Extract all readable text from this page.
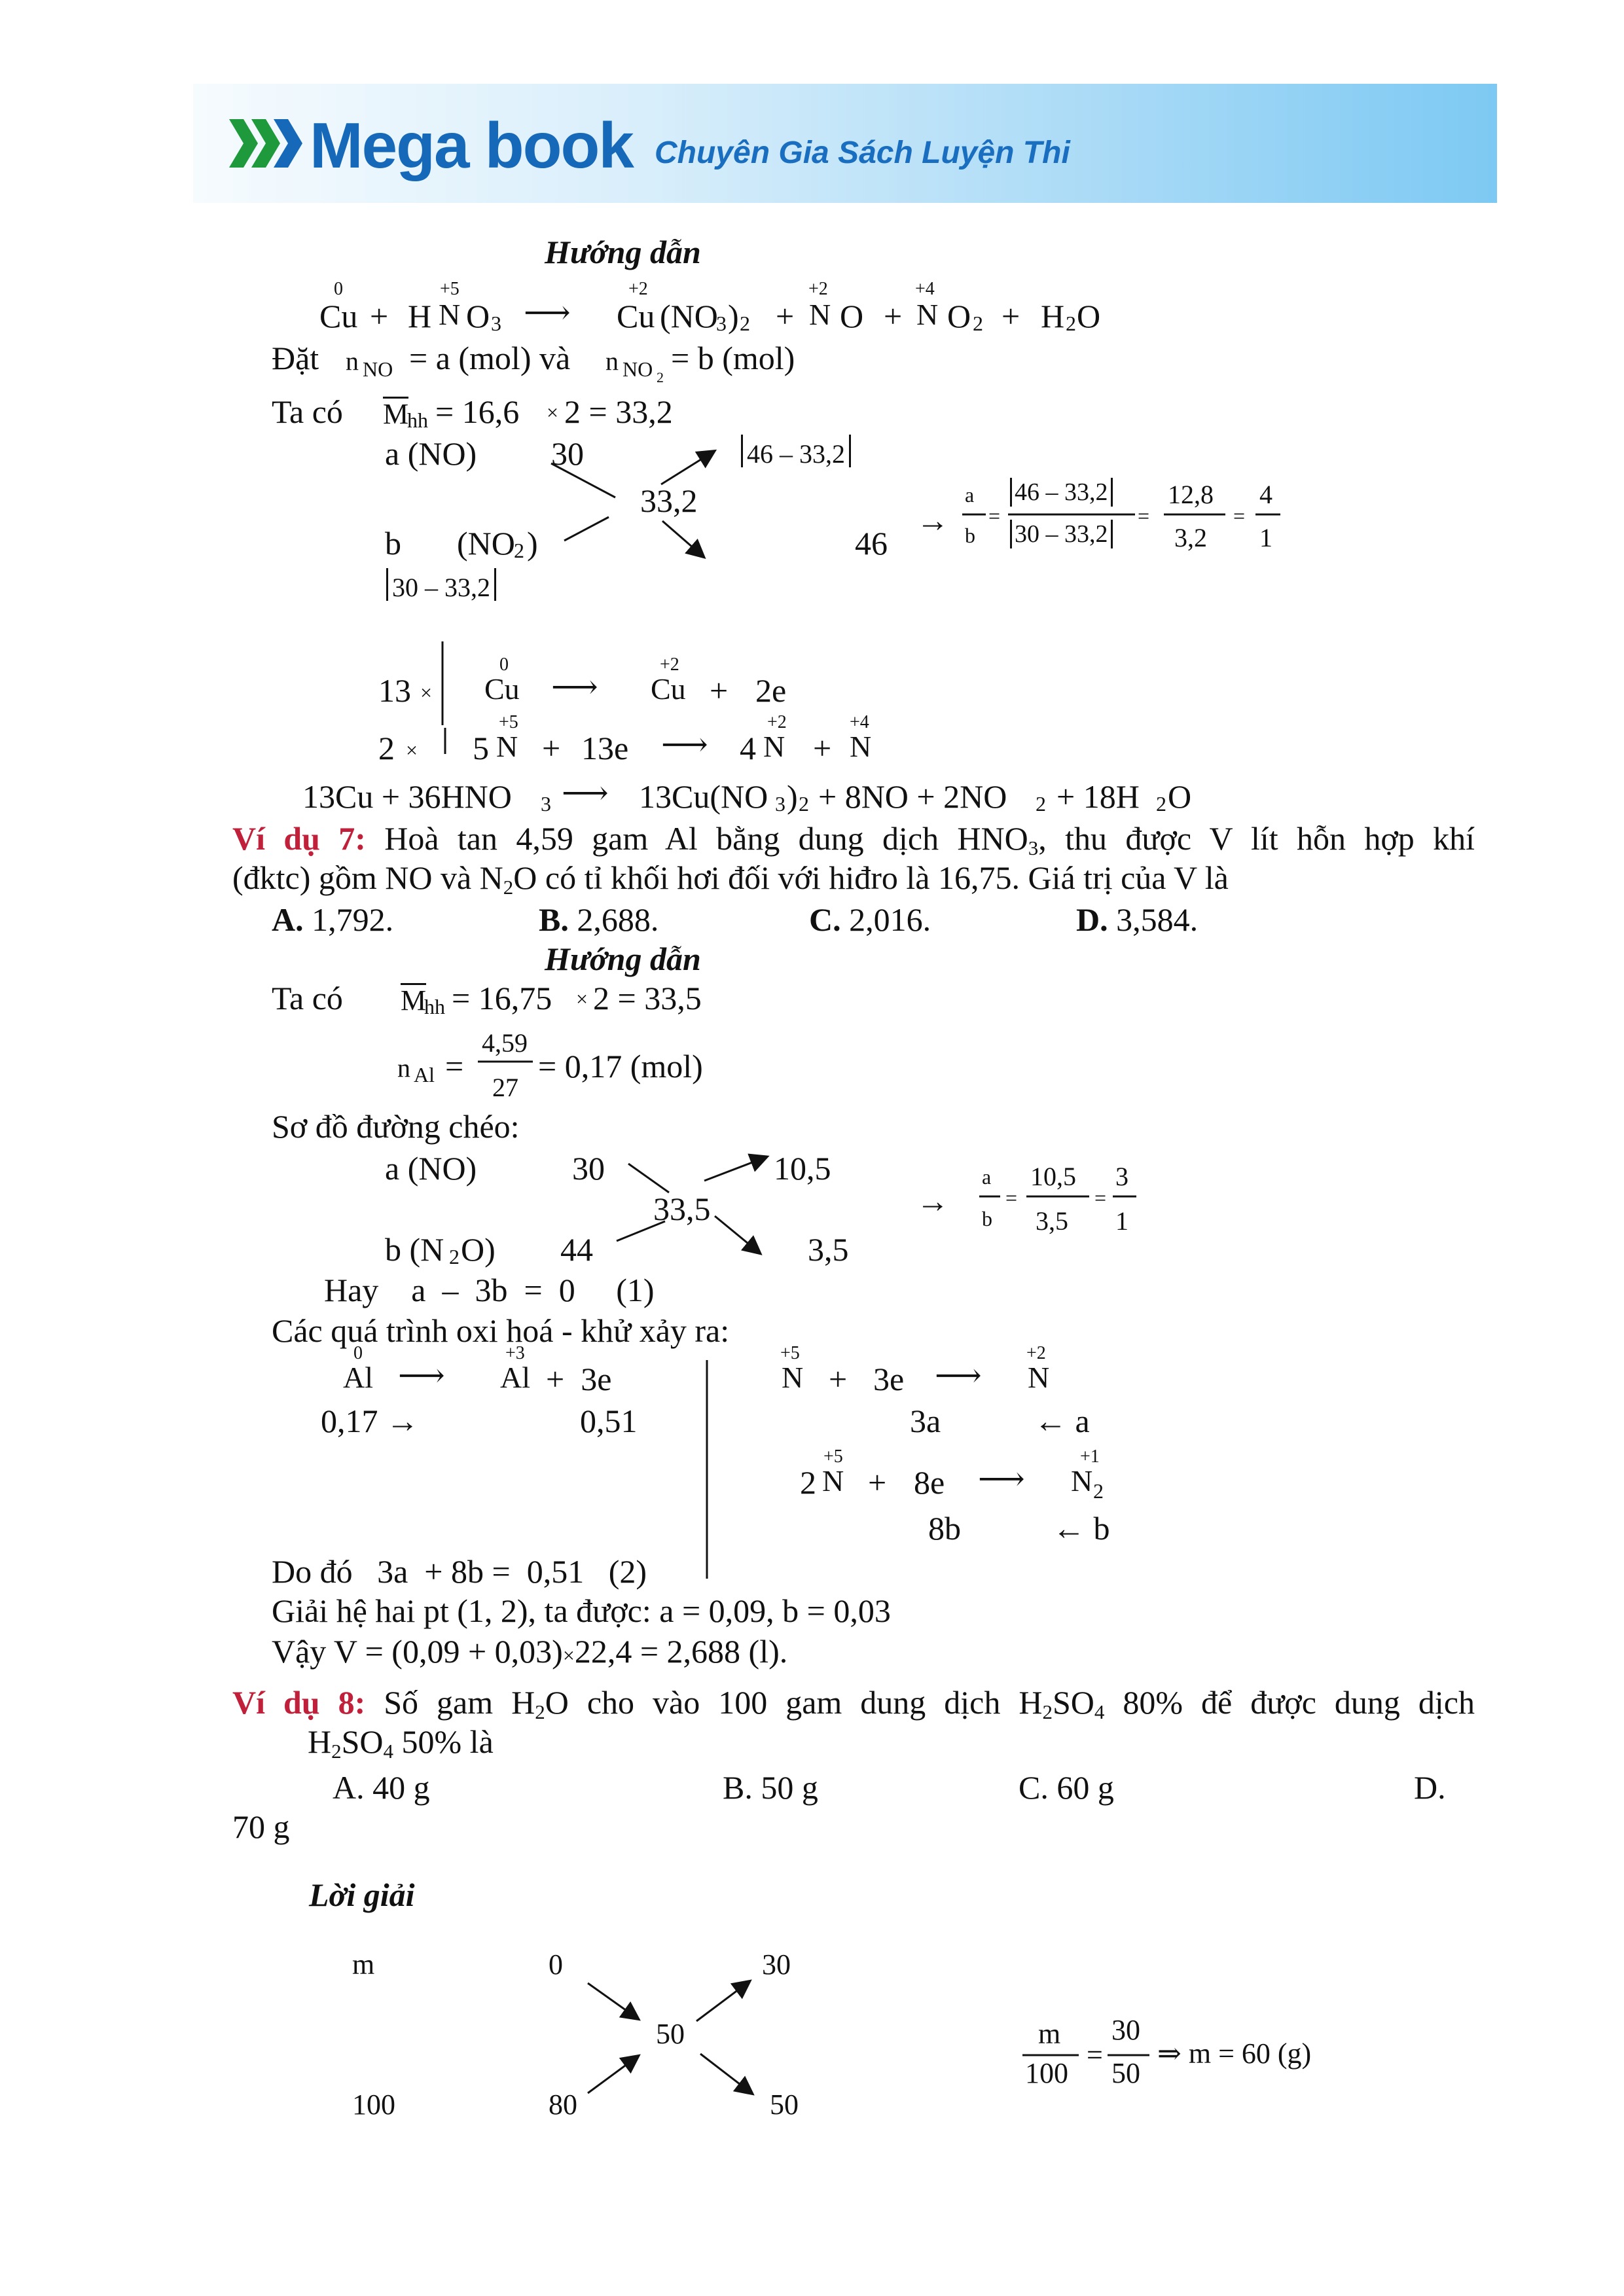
Mega book Chuyên Gia Sách Luyện Thi
Hướng dẫn
0
Cu + H
+5
N O 3 ⟶
+2
Cu (NO
3 ) 2 +
+2
N O +
+4
N O 2 + H 2 O
Đặt n NO = a (mol) và n NO 2
= b (mol)
Ta có M
hh = 16,6 × 2 = 33,2
a (NO) 30
33,2
46 – 33,2
b (NO
2 )	46
30 – 33,2
→
a
b
=
46 – 33,2
30 – 33,2
=
12,8
3,2
=
4
1
13 ×
2 ×
0
Cu ⟶
+2
Cu + 2e
5
+5
N + 13e ⟶ 4
+2
N +
+4
N
13Cu + 36HNO 3 ⟶ 13Cu(NO 3 ) 2 + 8NO + 2NO 2 + 18H 2 O
Ví dụ 7: Hoà tan 4,59 gam Al bằng dung dịch $HNO_3$, thu được V lít hỗn hợp khí
(đktc) gồm NO và $N_2O$ có tỉ khối hơi đối với hiđro là 16,75. Giá trị của V là
A. 1,792.	B. 2,688.	C. 2,016.	D. 3,584.
Hướng dẫn
Ta có M
hh = 16,75 × 2 = 33,5
n Al =
4,59
27
= 0,17 (mol)
Sơ đồ đường chéo:
a (NO)	30	10,5
33,5
b (N 2 O) 44	3,5
→
a
b
=
10,5
3,5
=
3
1
Hay    a  –  3b  =  0     (1)
Các quá trình oxi hoá - khử xảy ra:
0
Al ⟶
+3
Al +  3e
0,17 →	0,51
+5
N + 3e ⟶
+2
N
3a	← a
2
+5
N + 8e ⟶
+1
N 2
8b	← b
Do đó   3a  + 8b =  0,51   (2)
Giải hệ hai pt (1, 2), ta được: a = 0,09, b = 0,03
Vậy V = (0,09 + 0,03)×22,4 = 2,688 (l).
Ví dụ 8: Số gam $H_2O$ cho vào 100 gam dung dịch $H_2SO_4$ 80% để được dung dịch
$H_2SO_4$ 50% là
A. 40 g	B. 50 g	C. 60 g	D.
70 g
Lời giải
m	0	30
50
100	80	50
m
100
=
30
50
⇒ m = 60 (g)
